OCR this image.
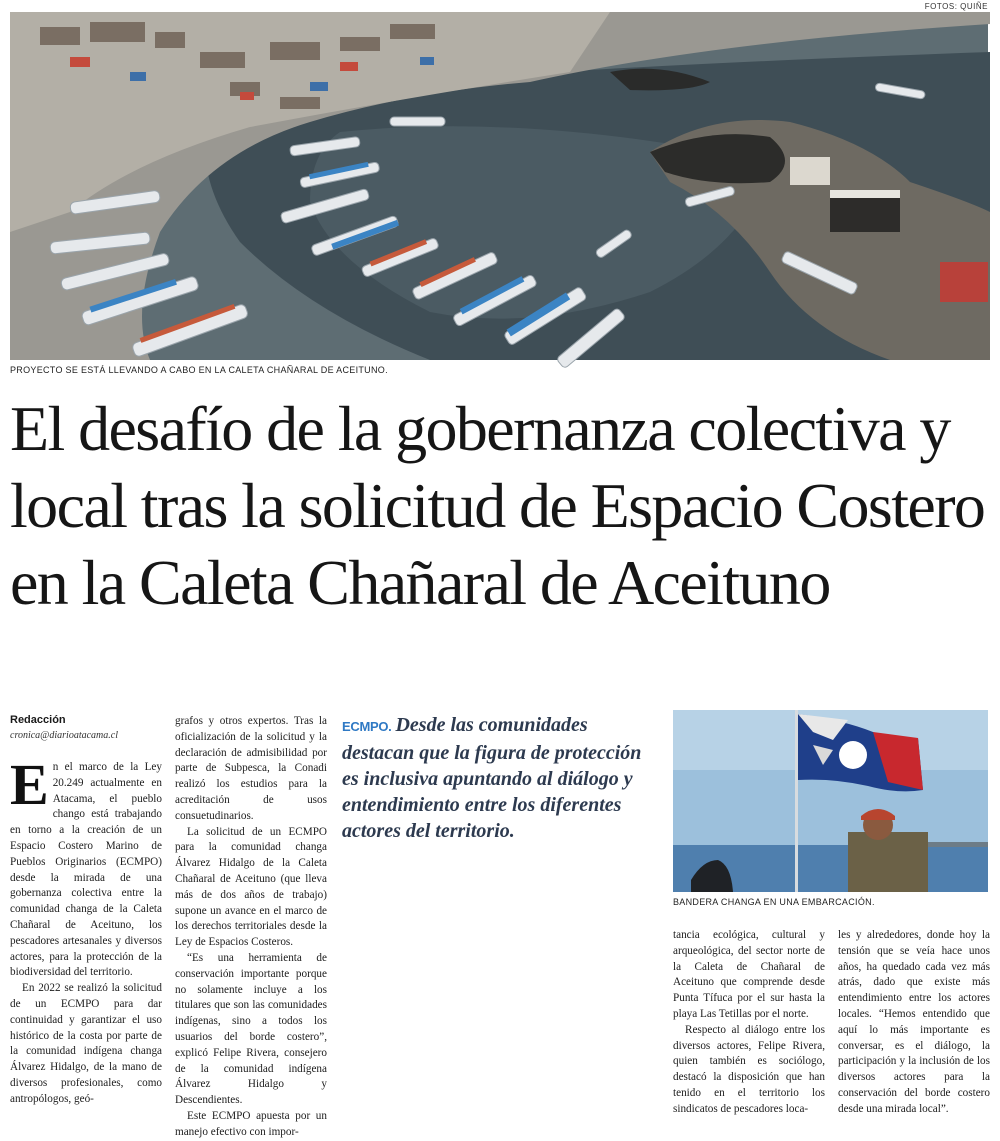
FOTOS: QUIÑE
PROYECTO SE ESTÁ LLEVANDO A CABO EN LA CALETA CHAÑARAL DE ACEITUNO.
El desafío de la gobernanza colectiva y local tras la solicitud de Espacio Costero en la Caleta Chañaral de Aceituno
Redacción
cronica@diarioatacama.cl

En el marco de la Ley 20.249 actualmente en Atacama, el pueblo chango está trabajando en torno a la creación de un Espacio Costero Marino de Pueblos Originarios (ECMPO) desde la mirada de una gobernanza colectiva entre la comunidad changa de la Caleta Chañaral de Aceituno, los pescadores artesanales y diversos actores, para la protección de la biodiversidad del territorio.

En 2022 se realizó la solicitud de un ECMPO para dar continuidad y garantizar el uso histórico de la costa por parte de la comunidad indígena changa Álvarez Hidalgo, de la mano de diversos profesionales, como antropólogos, geó-

grafos y otros expertos. Tras la oficialización de la solicitud y la declaración de admisibilidad por parte de Subpesca, la Conadi realizó los estudios para la acreditación de usos consuetudinarios.

La solicitud de un ECMPO para la comunidad changa Álvarez Hidalgo de la Caleta Chañaral de Aceituno (que lleva más de dos años de trabajo) supone un avance en el marco de los derechos territoriales desde la Ley de Espacios Costeros.

“Es una herramienta de conservación importante porque no solamente incluye a los titulares que son las comunidades indígenas, sino a todos los usuarios del borde costero”, explicó Felipe Rivera, consejero de la comunidad indígena Álvarez Hidalgo y Descendientes.

Este ECMPO apuesta por un manejo efectivo con impor-

ECMPO. Desde las comunidades destacan que la figura de protección es inclusiva apuntando al diálogo y entendimiento entre los diferentes actores del territorio.
BANDERA CHANGA EN UNA EMBARCACIÓN.

tancia ecológica, cultural y arqueológica, del sector norte de la Caleta de Chañaral de Aceituno que comprende desde Punta Tífuca por el sur hasta la playa Las Tetillas por el norte.

Respecto al diálogo entre los diversos actores, Felipe Rivera, quien también es sociólogo, destacó la disposición que han tenido en el territorio los sindicatos de pescadores loca-

les y alrededores, donde hoy la tensión que se veía hace unos años, ha quedado cada vez más atrás, dado que existe más entendimiento entre los actores locales. “Hemos entendido que aquí lo más importante es conversar, es el diálogo, la participación y la inclusión de los diversos actores para la conservación del borde costero desde una mirada local”.
